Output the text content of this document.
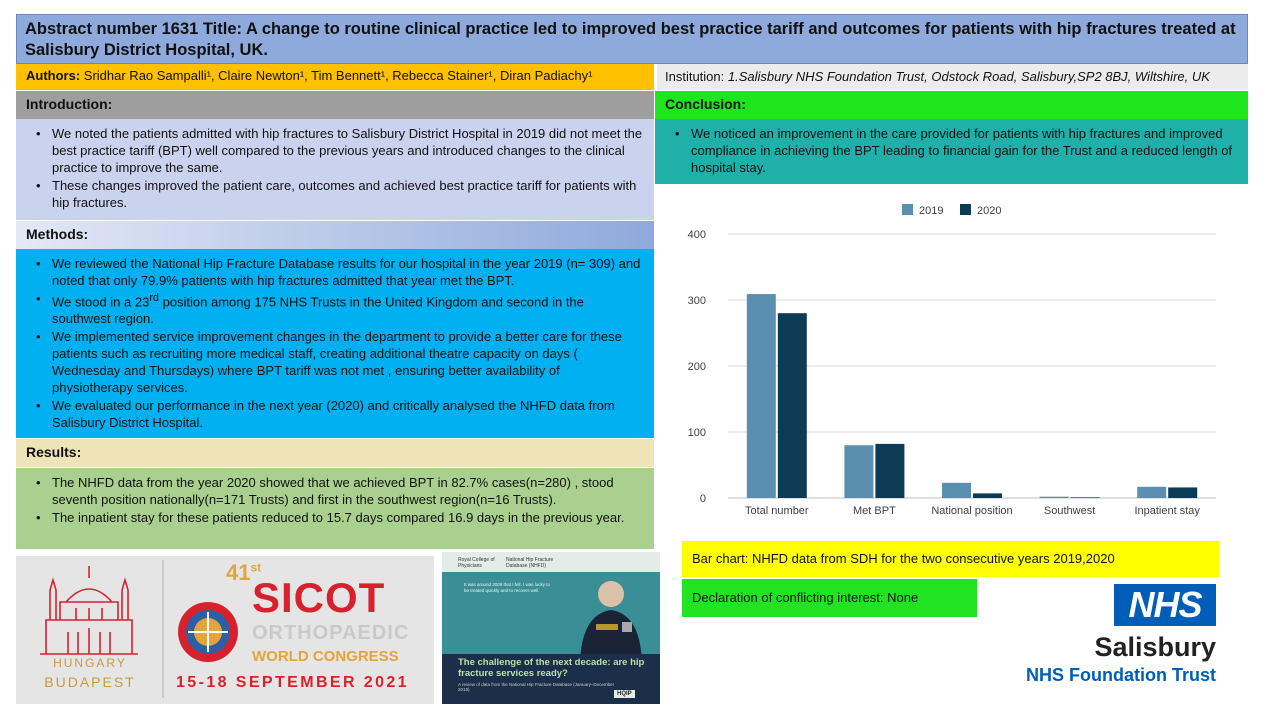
Abstract number 1631 Title: A change to routine clinical practice led to improved best practice tariff and outcomes for patients with hip fractures treated at Salisbury District Hospital, UK.
Authors: Sridhar Rao Sampalli¹, Claire Newton¹, Tim Bennett¹, Rebecca Stainer¹, Diran Padiachy¹	Institution: 1.Salisbury NHS Foundation Trust, Odstock Road, Salisbury,SP2 8BJ, Wiltshire, UK
Introduction:
• We noted the patients admitted with hip fractures to Salisbury District Hospital in 2019 did not meet the best practice tariff (BPT) well compared to the previous years and introduced changes to the clinical practice to improve the same.
• These changes improved the patient care, outcomes and achieved best practice tariff for patients with hip fractures.
Methods:
• We reviewed the National Hip Fracture Database results for our hospital in the year 2019 (n= 309) and noted that only 79.9% patients with hip fractures admitted that year met the BPT.
• We stood in a 23rd position among 175 NHS Trusts in the United Kingdom and second in the southwest region.
• We implemented service improvement changes in the department to provide a better care for these patients such as recruiting more medical staff, creating additional theatre capacity on days ( Wednesday and Thursdays) where BPT tariff was not met , ensuring better availability of physiotherapy services.
• We evaluated our performance in the next year (2020) and critically analysed the NHFD data from Salisbury District Hospital.
Results:
• The NHFD data from the year 2020 showed that we achieved BPT in 82.7% cases(n=280) , stood seventh position nationally(n=171 Trusts) and first in the southwest region(n=16 Trusts).
• The inpatient stay for these patients reduced to 15.7 days compared 16.9 days in the previous year.
Conclusion:
• We noticed an improvement in the care provided for patients with hip fractures and improved compliance in achieving the BPT leading to financial gain for the Trust and a reduced length of hospital stay.
0
100
200
300
400
Total number	Met BPT	National position	Southwest	Inpatient stay
2019	2020
Bar chart: NHFD data from SDH for the two consecutive years 2019,2020
Declaration of conflicting interest: None
HUNGARY
BUDAPEST
41st
SICOT
ORTHOPAEDIC
WORLD CONGRESS
15-18 SEPTEMBER 2021
Royal College of Physicians
National Hip Fracture Database (NHFD)
It was around 2009 that I fell. I was lucky to be treated quickly and to recover well.
The challenge of the next decade: are hip fracture services ready?
A review of data from the National Hip Fracture Database (January–December 2019)
HQIP
NHS
Salisbury
NHS Foundation Trust
